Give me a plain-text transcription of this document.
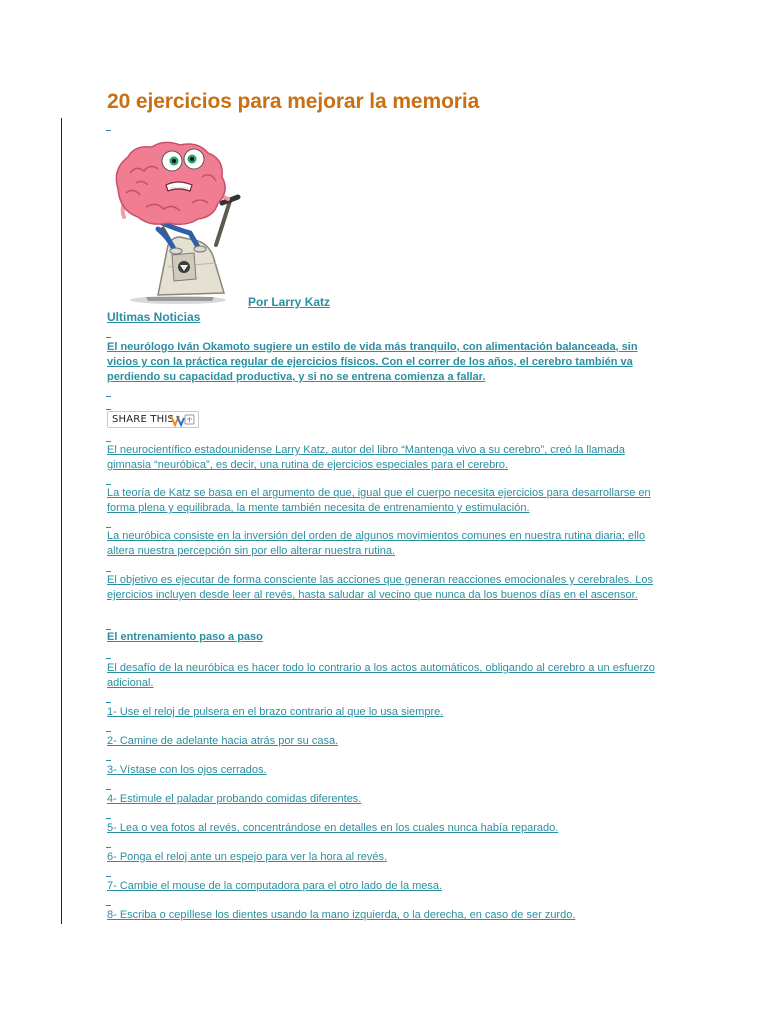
20 ejercicios para mejorar la memoria
Por Larry Katz
Ultimas Noticias

El neurólogo Iván Okamoto sugiere un estilo de vida más tranquilo, con alimentación balanceada, sin vicios y con la práctica regular de ejercicios físicos. Con el correr de los años, el cerebro también va perdiendo su capacidad productiva, y si no se entrena comienza a fallar.

SHARE THIS

El neurocientífico estadounidense Larry Katz, autor del libro “Mantenga vivo a su cerebro”, creó la llamada gimnasia “neuróbica”, es decir, una rutina de ejercicios especiales para el cerebro.

La teoría de Katz se basa en el argumento de que, igual que el cuerpo necesita ejercicios para desarrollarse en forma plena y equilibrada, la mente también necesita de entrenamiento y estimulación.

La neuróbica consiste en la inversión del orden de algunos movimientos comunes en nuestra rutina diaria; ello altera nuestra percepción sin por ello alterar nuestra rutina.

El objetivo es ejecutar de forma consciente las acciones que generan reacciones emocionales y cerebrales. Los ejercicios incluyen desde leer al revés, hasta saludar al vecino que nunca da los buenos días en el ascensor.

El entrenamiento paso a paso

El desafío de la neuróbica es hacer todo lo contrario a los actos automáticos, obligando al cerebro a un esfuerzo adicional.

1- Use el reloj de pulsera en el brazo contrario al que lo usa siempre.

2- Camine de adelante hacia atrás por su casa.

3- Vístase con los ojos cerrados.

4- Estimule el paladar probando comidas diferentes.

5- Lea o vea fotos al revés, concentrándose en detalles en los cuales nunca había reparado.

6- Ponga el reloj ante un espejo para ver la hora al revés.

7- Cambie el mouse de la computadora para el otro lado de la mesa.

8- Escriba o cepíllese los dientes usando la mano izquierda, o la derecha, en caso de ser zurdo.
